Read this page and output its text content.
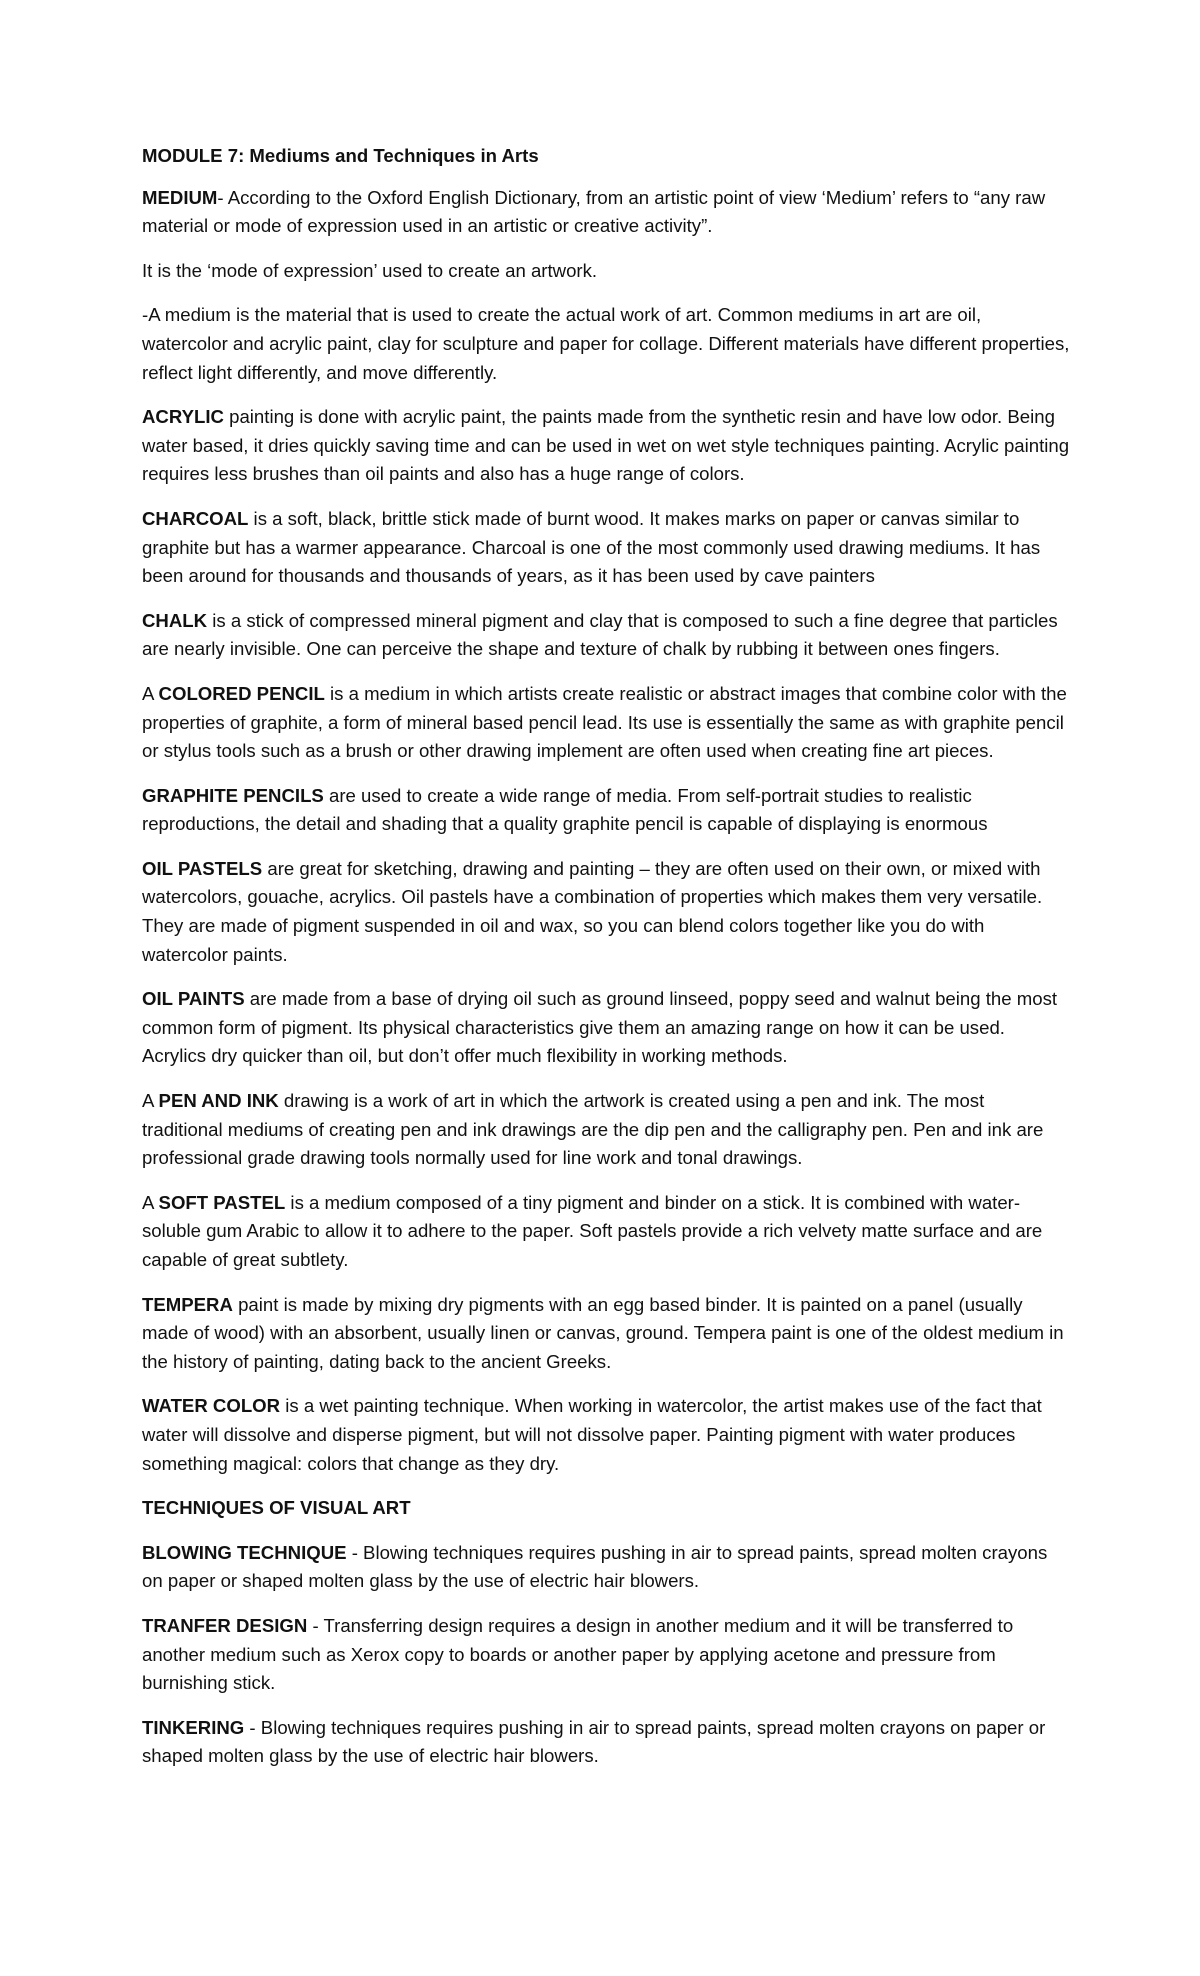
MODULE 7: Mediums and Techniques in Arts

MEDIUM- According to the Oxford English Dictionary, from an artistic point of view ‘Medium’ refers to “any raw material or mode of expression used in an artistic or creative activity”.

It is the ‘mode of expression’ used to create an artwork.

-A medium is the material that is used to create the actual work of art. Common mediums in art are oil, watercolor and acrylic paint, clay for sculpture and paper for collage. Different materials have different properties, reflect light differently, and move differently.

ACRYLIC painting is done with acrylic paint, the paints made from the synthetic resin and have low odor. Being water based, it dries quickly saving time and can be used in wet on wet style techniques painting. Acrylic painting requires less brushes than oil paints and also has a huge range of colors.

CHARCOAL is a soft, black, brittle stick made of burnt wood. It makes marks on paper or canvas similar to graphite but has a warmer appearance. Charcoal is one of the most commonly used drawing mediums. It has been around for thousands and thousands of years, as it has been used by cave painters

CHALK is a stick of compressed mineral pigment and clay that is composed to such a fine degree that particles are nearly invisible. One can perceive the shape and texture of chalk by rubbing it between ones fingers.

A COLORED PENCIL is a medium in which artists create realistic or abstract images that combine color with the properties of graphite, a form of mineral based pencil lead. Its use is essentially the same as with graphite pencil or stylus tools such as a brush or other drawing implement are often used when creating fine art pieces.

GRAPHITE PENCILS are used to create a wide range of media. From self-portrait studies to realistic reproductions, the detail and shading that a quality graphite pencil is capable of displaying is enormous

OIL PASTELS are great for sketching, drawing and painting – they are often used on their own, or mixed with watercolors, gouache, acrylics. Oil pastels have a combination of properties which makes them very versatile. They are made of pigment suspended in oil and wax, so you can blend colors together like you do with watercolor paints.

OIL PAINTS are made from a base of drying oil such as ground linseed, poppy seed and walnut being the most common form of pigment. Its physical characteristics give them an amazing range on how it can be used. Acrylics dry quicker than oil, but don’t offer much flexibility in working methods.

A PEN AND INK drawing is a work of art in which the artwork is created using a pen and ink. The most traditional mediums of creating pen and ink drawings are the dip pen and the calligraphy pen. Pen and ink are professional grade drawing tools normally used for line work and tonal drawings.

A SOFT PASTEL is a medium composed of a tiny pigment and binder on a stick. It is combined with water-soluble gum Arabic to allow it to adhere to the paper. Soft pastels provide a rich velvety matte surface and are capable of great subtlety.

TEMPERA paint is made by mixing dry pigments with an egg based binder. It is painted on a panel (usually made of wood) with an absorbent, usually linen or canvas, ground. Tempera paint is one of the oldest medium in the history of painting, dating back to the ancient Greeks.

WATER COLOR is a wet painting technique. When working in watercolor, the artist makes use of the fact that water will dissolve and disperse pigment, but will not dissolve paper. Painting pigment with water produces something magical: colors that change as they dry.

TECHNIQUES OF VISUAL ART

BLOWING TECHNIQUE - Blowing techniques requires pushing in air to spread paints, spread molten crayons on paper or shaped molten glass by the use of electric hair blowers.

TRANFER DESIGN - Transferring design requires a design in another medium and it will be transferred to another medium such as Xerox copy to boards or another paper by applying acetone and pressure from burnishing stick.

TINKERING - Blowing techniques requires pushing in air to spread paints, spread molten crayons on paper or shaped molten glass by the use of electric hair blowers.
